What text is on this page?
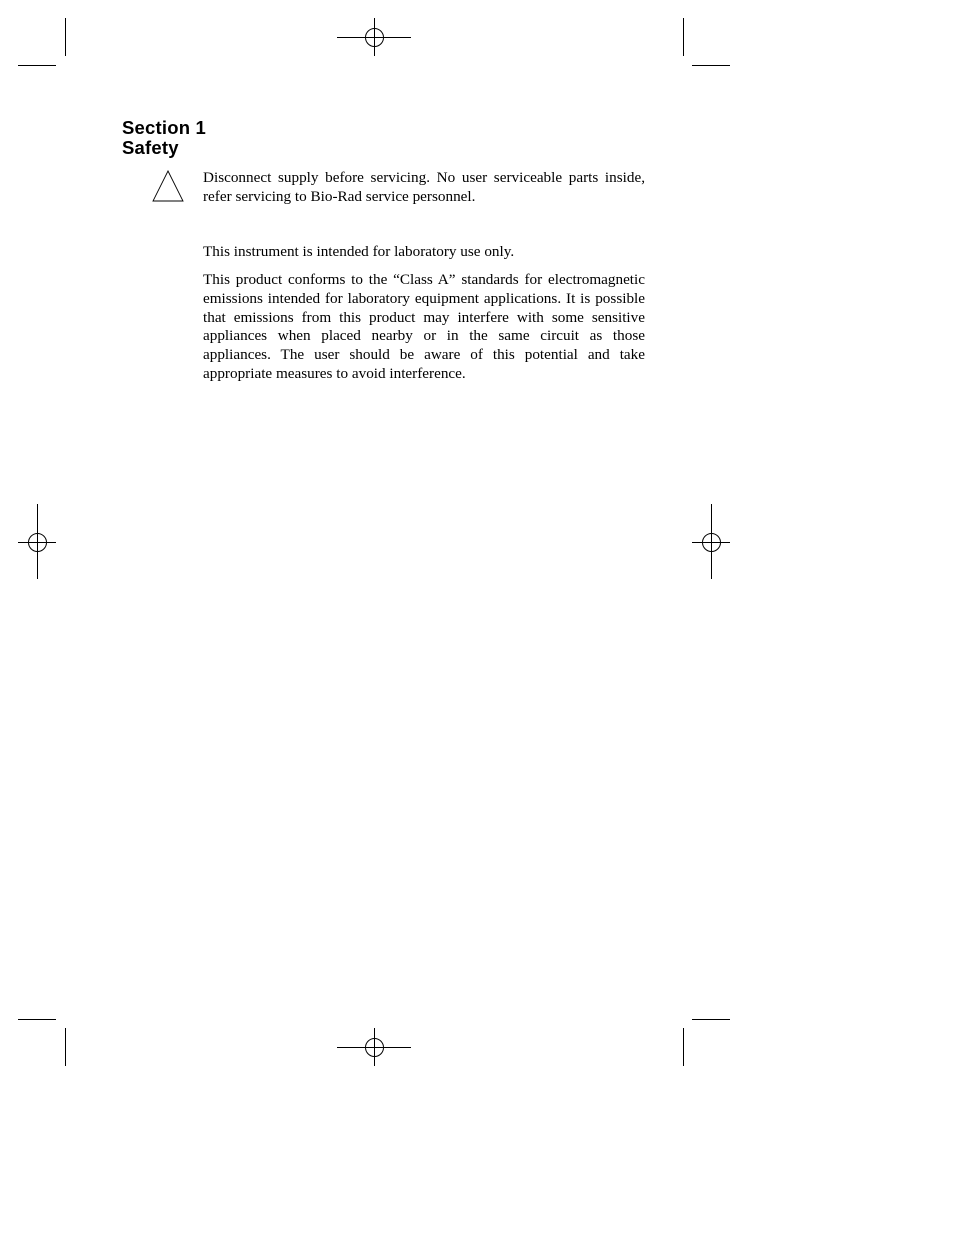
Section 1
Safety

Disconnect supply before servicing. No user serviceable parts inside, refer servicing to Bio-Rad service personnel.

This instrument is intended for laboratory use only.

This product conforms to the “Class A” standards for electromagnetic emissions intended for laboratory equipment applications. It is possible that emissions from this product may interfere with some sensitive appliances when placed nearby or in the same circuit as those appliances. The user should be aware of this potential and take appropriate measures to avoid interference.
